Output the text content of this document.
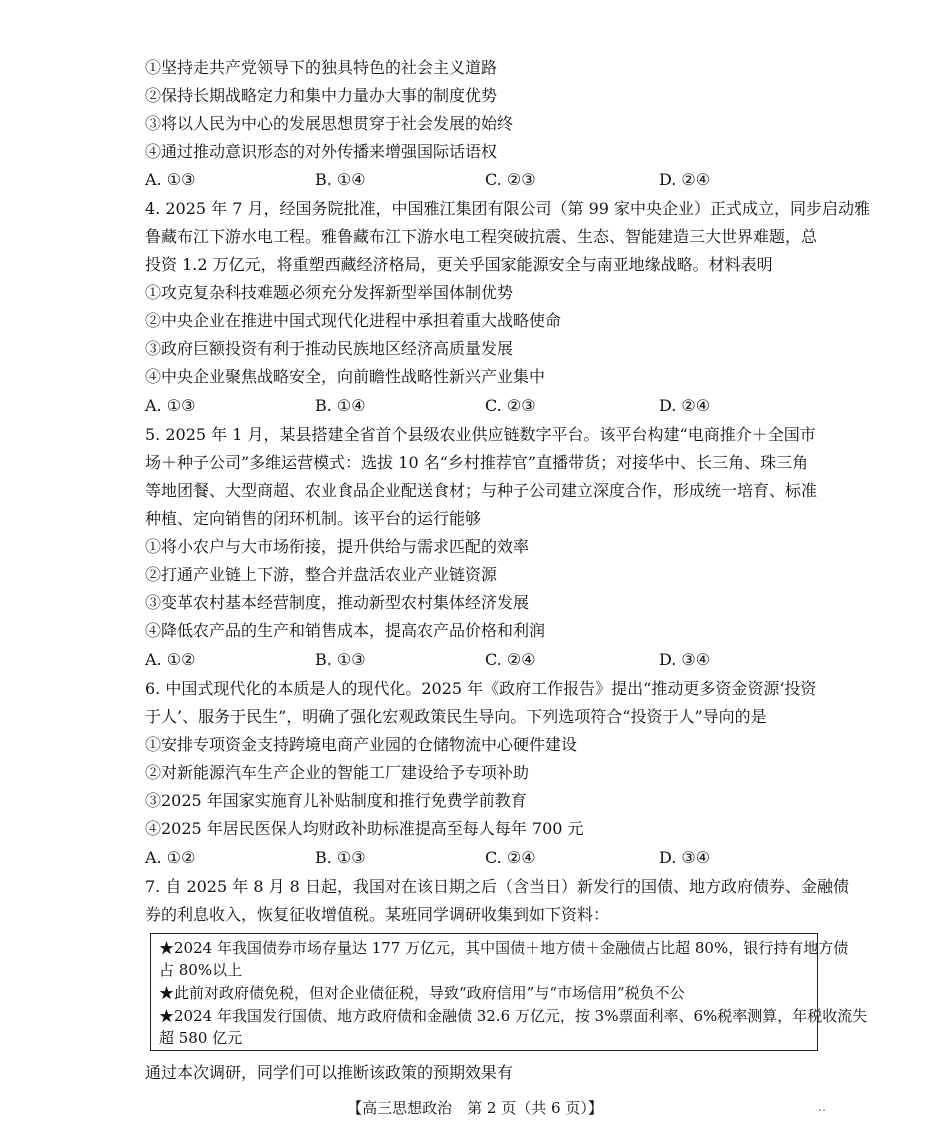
①坚持走共产党领导下的独具特色的社会主义道路
②保持长期战略定力和集中力量办大事的制度优势
③将以人民为中心的发展思想贯穿于社会发展的始终
④通过推动意识形态的对外传播来增强国际话语权
A. ①③	B. ①④	C. ②③	D. ②④
4. 2025 年 7 月，经国务院批准，中国雅江集团有限公司（第 99 家中央企业）正式成立，同步启动雅
鲁藏布江下游水电工程。雅鲁藏布江下游水电工程突破抗震、生态、智能建造三大世界难题，总
投资 1.2 万亿元，将重塑西藏经济格局，更关乎国家能源安全与南亚地缘战略。材料表明
①攻克复杂科技难题必须充分发挥新型举国体制优势
②中央企业在推进中国式现代化进程中承担着重大战略使命
③政府巨额投资有利于推动民族地区经济高质量发展
④中央企业聚焦战略安全，向前瞻性战略性新兴产业集中
A. ①③	B. ①④	C. ②③	D. ②④
5. 2025 年 1 月，某县搭建全省首个县级农业供应链数字平台。该平台构建“电商推介＋全国市
场＋种子公司”多维运营模式：选拔 10 名“乡村推荐官”直播带货；对接华中、长三角、珠三角
等地团餐、大型商超、农业食品企业配送食材；与种子公司建立深度合作，形成统一培育、标准
种植、定向销售的闭环机制。该平台的运行能够
①将小农户与大市场衔接，提升供给与需求匹配的效率
②打通产业链上下游，整合并盘活农业产业链资源
③变革农村基本经营制度，推动新型农村集体经济发展
④降低农产品的生产和销售成本，提高农产品价格和利润
A. ①②	B. ①③	C. ②④	D. ③④
6. 中国式现代化的本质是人的现代化。2025 年《政府工作报告》提出“推动更多资金资源‘投资
于人’、服务于民生”，明确了强化宏观政策民生导向。下列选项符合“投资于人”导向的是
①安排专项资金支持跨境电商产业园的仓储物流中心硬件建设
②对新能源汽车生产企业的智能工厂建设给予专项补助
③2025 年国家实施育儿补贴制度和推行免费学前教育
④2025 年居民医保人均财政补助标准提高至每人每年 700 元
A. ①②	B. ①③	C. ②④	D. ③④
7. 自 2025 年 8 月 8 日起，我国对在该日期之后（含当日）新发行的国债、地方政府债券、金融债
券的利息收入，恢复征收增值税。某班同学调研收集到如下资料：
★2024 年我国债券市场存量达 177 万亿元，其中国债＋地方债＋金融债占比超 80%，银行持有地方债
占 80%以上
★此前对政府债免税，但对企业债征税，导致“政府信用”与“市场信用”税负不公
★2024 年我国发行国债、地方政府债和金融债 32.6 万亿元，按 3%票面利率、6%税率测算，年税收流失
超 580 亿元
通过本次调研，同学们可以推断该政策的预期效果有
【高三思想政治　第 2 页（共 6 页）】	‥
